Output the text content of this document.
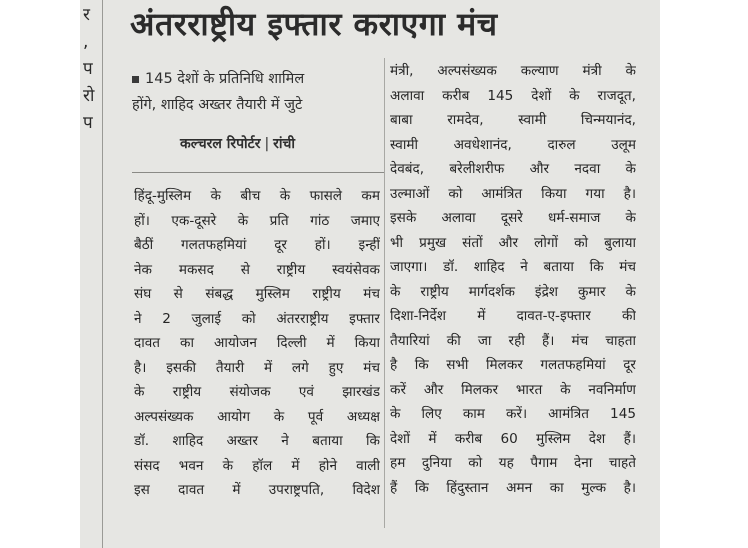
र
,
प
रो
प
अंतरराष्ट्रीय इफ्तार कराएगा मंच
145 देशों के प्रतिनिधि शामिल
होंगे, शाहिद अख्तर तैयारी में जुटे
कल्चरल रिपोर्टर | रांची
हिंदू-मुस्लिम के बीच के फासले कम
हों। एक-दूसरे के प्रति गांठ जमाए
बैठीं गलतफहमियां दूर हों। इन्हीं
नेक मकसद से राष्ट्रीय स्वयंसेवक
संघ से संबद्ध मुस्लिम राष्ट्रीय मंच
ने 2 जुलाई को अंतरराष्ट्रीय इफ्तार
दावत का आयोजन दिल्ली में किया
है। इसकी तैयारी में लगे हुए मंच
के राष्ट्रीय संयोजक एवं झारखंड
अल्पसंख्यक आयोग के पूर्व अध्यक्ष
डॉ. शाहिद अख्तर ने बताया कि
संसद भवन के हॉल में होने वाली
इस दावत में उपराष्ट्रपति, विदेश
मंत्री, अल्पसंख्यक कल्याण मंत्री के
अलावा करीब 145 देशों के राजदूत,
बाबा रामदेव, स्वामी चिन्मयानंद,
स्वामी अवधेशानंद, दारुल उलूम
देवबंद, बरेलीशरीफ और नदवा के
उल्माओं को आमंत्रित किया गया है।
इसके अलावा दूसरे धर्म-समाज के
भी प्रमुख संतों और लोगों को बुलाया
जाएगा। डॉ. शाहिद ने बताया कि मंच
के राष्ट्रीय मार्गदर्शक इंद्रेश कुमार के
दिशा-निर्देश में दावत-ए-इफ्तार की
तैयारियां की जा रही हैं। मंच चाहता
है कि सभी मिलकर गलतफहमियां दूर
करें और मिलकर भारत के नवनिर्माण
के लिए काम करें। आमंत्रित 145
देशों में करीब 60 मुस्लिम देश हैं।
हम दुनिया को यह पैगाम देना चाहते
हैं कि हिंदुस्तान अमन का मुल्क है।
